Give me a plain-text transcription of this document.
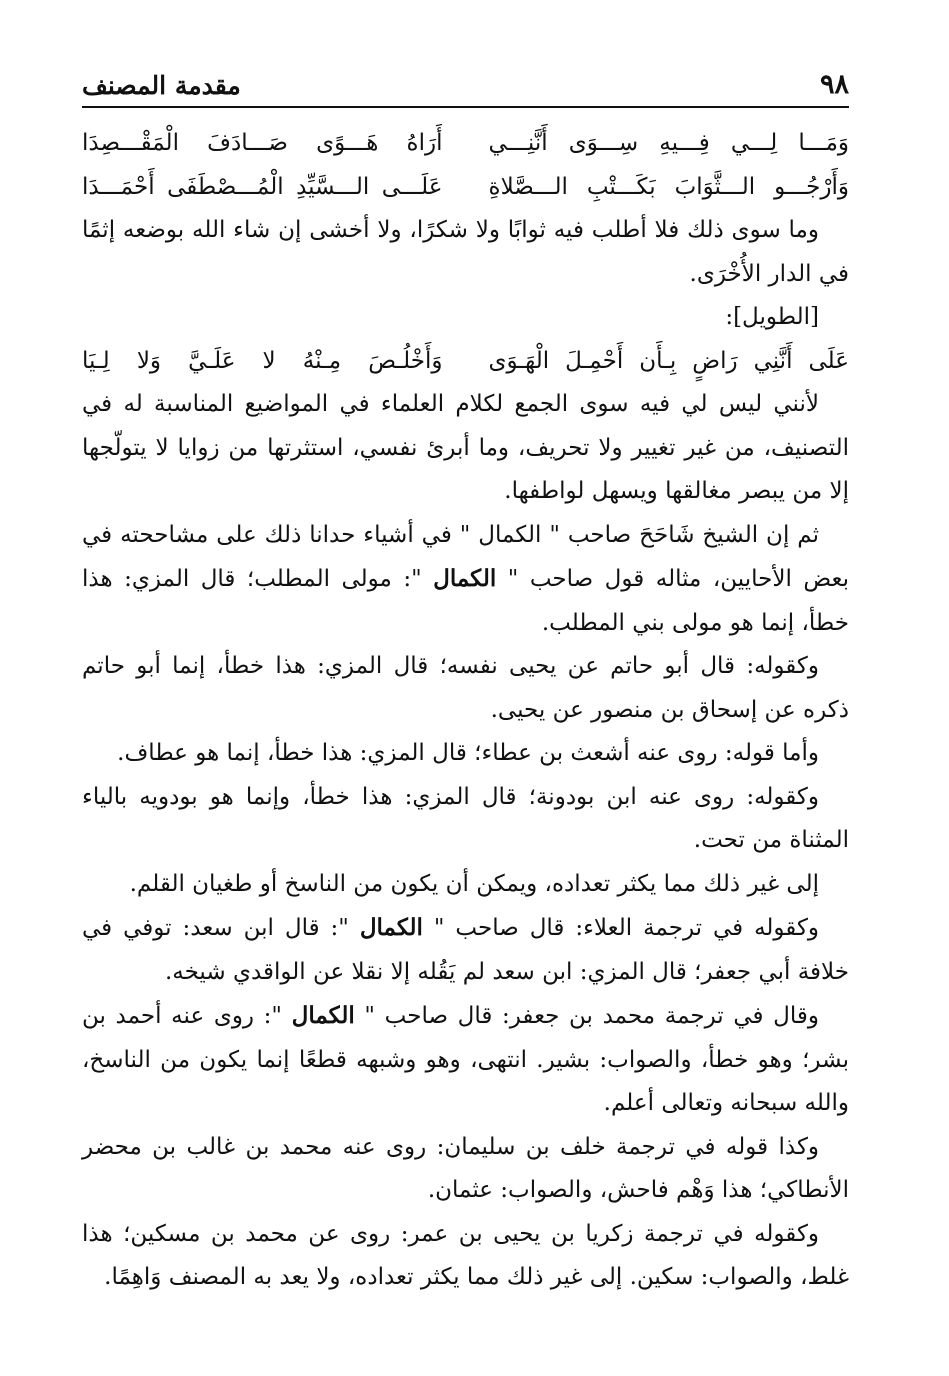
٩٨
مقدمة المصنف
وَمَـــا لِـــي فِـــيهِ سِـــوَى أَنَّنِـــي
أَرَاهُ هَـــوًى صَـــادَفَ الْمَقْـــصِدَا
وَأَرْجُـــو الـــثَّوَابَ بَكَـــتْبِ الـــصَّلاةِ
عَلَـــى الـــسَّيِّدِ الْمُـــصْطَفَى أَحْمَـــدَا

وما سوى ذلك فلا أطلب فيه ثوابًا ولا شكرًا، ولا أخشى إن شاء الله بوضعه إثمًا في الدار الأُخْرَى.

[الطويل]:

عَلَى أَنَّنِي رَاضٍ بِـأَن أَحْمِـلَ الْهَـوَى
وَأَخْلُـصَ مِـنْهُ لا عَلَـيَّ وَلا لِـيَا

لأنني ليس لي فيه سوى الجمع لكلام العلماء في المواضيع المناسبة له في التصنيف، من غير تغيير ولا تحريف، وما أبرئ نفسي، استثرتها من زوايا لا يتولّجها إلا من يبصر مغالقها ويسهل لواطفها.

ثم إن الشيخ شَاحَحَ صاحب " الكمال " في أشياء حدانا ذلك على مشاححته في بعض الأحايين، مثاله قول صاحب " الكمال ": مولى المطلب؛ قال المزي: هذا خطأ، إنما هو مولى بني المطلب.

وكقوله: قال أبو حاتم عن يحيى نفسه؛ قال المزي: هذا خطأ، إنما أبو حاتم ذكره عن إسحاق بن منصور عن يحيى.

وأما قوله: روى عنه أشعث بن عطاء؛ قال المزي: هذا خطأ، إنما هو عطاف.

وكقوله: روى عنه ابن بودونة؛ قال المزي: هذا خطأ، وإنما هو بودويه بالياء المثناة من تحت.

إلى غير ذلك مما يكثر تعداده، ويمكن أن يكون من الناسخ أو طغيان القلم.

وكقوله في ترجمة العلاء: قال صاحب " الكمال ": قال ابن سعد: توفي في خلافة أبي جعفر؛ قال المزي: ابن سعد لم يَقُله إلا نقلا عن الواقدي شيخه.

وقال في ترجمة محمد بن جعفر: قال صاحب " الكمال ": روى عنه أحمد بن بشر؛ وهو خطأ، والصواب: بشير. انتهى، وهو وشبهه قطعًا إنما يكون من الناسخ، والله سبحانه وتعالى أعلم.

وكذا قوله في ترجمة خلف بن سليمان: روى عنه محمد بن غالب بن محضر الأنطاكي؛ هذا وَهْم فاحش، والصواب: عثمان.

وكقوله في ترجمة زكريا بن يحيى بن عمر: روى عن محمد بن مسكين؛ هذا غلط، والصواب: سكين. إلى غير ذلك مما يكثر تعداده، ولا يعد به المصنف وَاهِمًا.
